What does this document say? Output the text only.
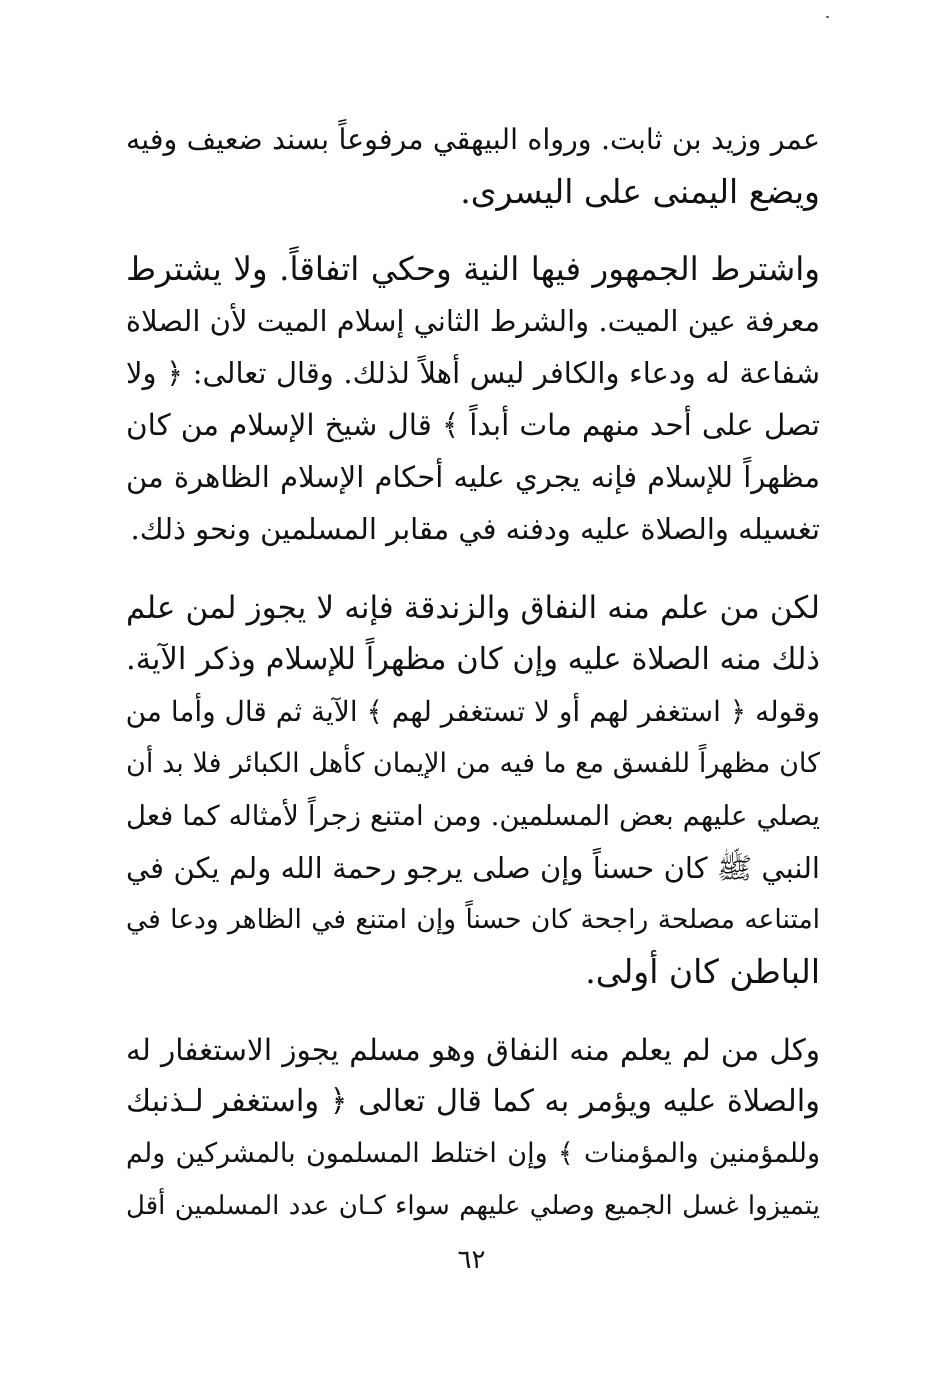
عمر وزيد بن ثابت. ورواه البيهقي مرفوعاً بسند ضعيف وفيه
ويضع اليمنى على اليسرى.
واشترط الجمهور فيها النية وحكي اتفاقاً. ولا يشترط
معرفة عين الميت. والشرط الثاني إسلام الميت لأن الصلاة
شفاعة له ودعاء والكافر ليس أهلاً لذلك. وقال تعالى: ﴿ ولا
تصل على أحد منهم مات أبداً ﴾ قال شيخ الإسلام من كان
مظهراً للإسلام فإنه يجري عليه أحكام الإسلام الظاهرة من
تغسيله والصلاة عليه ودفنه في مقابر المسلمين ونحو ذلك.
لكن من علم منه النفاق والزندقة فإنه لا يجوز لمن علم
ذلك منه الصلاة عليه وإن كان مظهراً للإسلام وذكر الآية.
وقوله ﴿ استغفر لهم أو لا تستغفر لهم ﴾ الآية ثم قال وأما من
كان مظهراً للفسق مع ما فيه من الإيمان كأهل الكبائر فلا بد أن
يصلي عليهم بعض المسلمين. ومن امتنع زجراً لأمثاله كما فعل
النبي ﷺ كان حسناً وإن صلى يرجو رحمة الله ولم يكن في
امتناعه مصلحة راجحة كان حسناً وإن امتنع في الظاهر ودعا في
الباطن كان أولى.
وكل من لم يعلم منه النفاق وهو مسلم يجوز الاستغفار له
والصلاة عليه ويؤمر به كما قال تعالى ﴿ واستغفر لـذنبك
وللمؤمنين والمؤمنات ﴾ وإن اختلط المسلمون بالمشركين ولم
يتميزوا غسل الجميع وصلي عليهم سواء كـان عدد المسلمين أقل
٦٢
